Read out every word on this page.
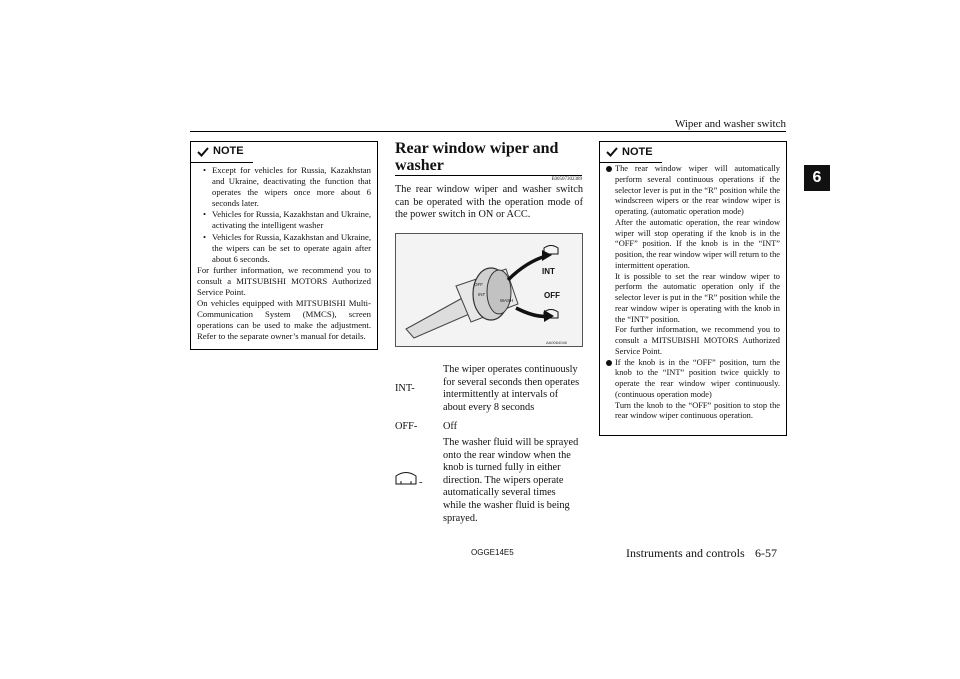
Wiper and washer switch
6
NOTE
• Except for vehicles for Russia, Kazakhstan and Ukraine, deactivating the function that operates the wipers once more about 6 seconds later.
• Vehicles for Russia, Kazakhstan and Ukraine, activating the intelligent washer
• Vehicles for Russia, Kazakhstan and Ukraine, the wipers can be set to operate again after about 6 seconds.
For further information, we recommend you to consult a MITSUBISHI MOTORS Authorized Service Point.
On vehicles equipped with MITSUBISHI Multi-Communication System (MMCS), screen operations can be used to make the adjustment. Refer to the separate owner’s manual for details.
Rear window wiper and washer
E00507302389
The rear window wiper and washer switch can be operated with the operation mode of the power switch in ON or ACC.
OFF
INT
WASH
INT
OFF
AA0064046
INT-
The wiper operates continuously for several seconds then operates intermittently at intervals of about every 8 seconds
OFF- Off
-
The washer fluid will be sprayed onto the rear window when the knob is turned fully in either direction. The wipers operate automatically several times while the washer fluid is being sprayed.
NOTE
The rear window wiper will automatically perform several continuous operations if the selector lever is put in the “R” position while the windscreen wipers or the rear window wiper is operating. (automatic operation mode)
After the automatic operation, the rear window wiper will stop operating if the knob is in the “OFF” position. If the knob is in the “INT” position, the rear window wiper will return to the intermittent operation.
It is possible to set the rear window wiper to perform the automatic operation only if the selector lever is put in the “R” position while the rear window wiper is operating with the knob in the “INT” position.
For further information, we recommend you to consult a MITSUBISHI MOTORS Authorized Service Point.
If the knob is in the “OFF” position, turn the knob to the “INT” position twice quickly to operate the rear window wiper continuously. (continuous operation mode)
Turn the knob to the “OFF” position to stop the rear window wiper continuous operation.
OGGE14E5	Instruments and controls 6-57
